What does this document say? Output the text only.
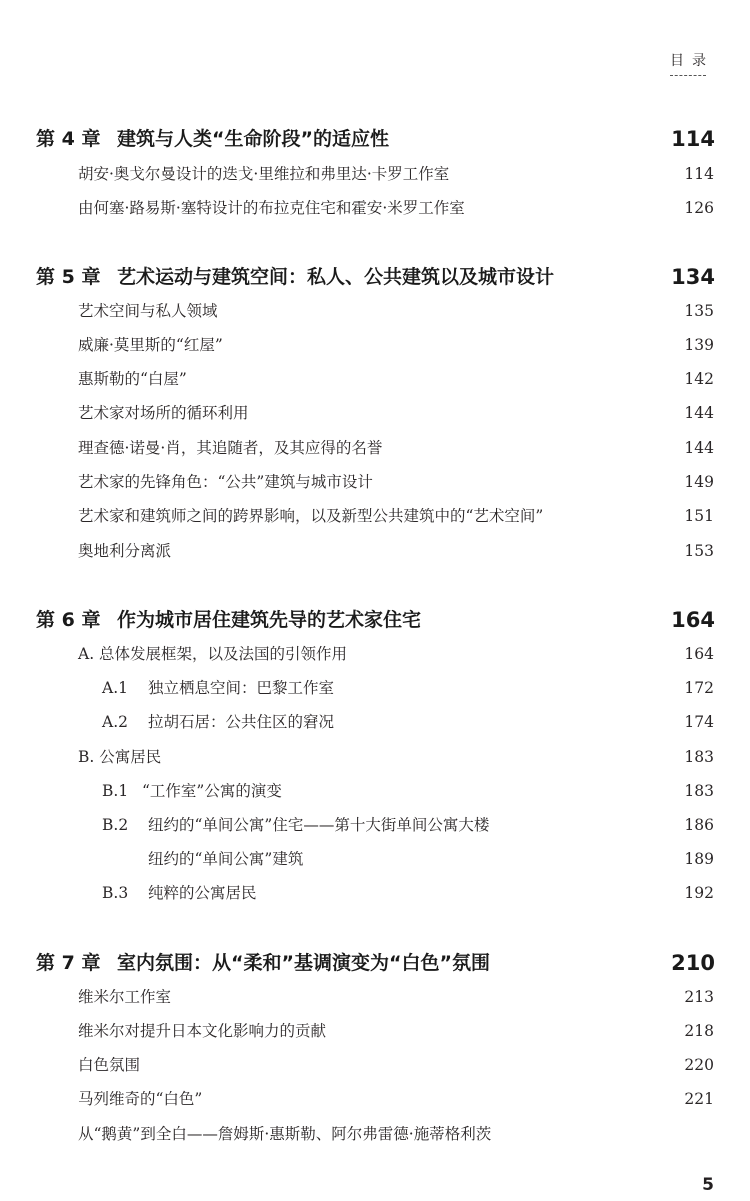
目录
第 4 章 建筑与人类“生命阶段”的适应性	114
胡安·奥戈尔曼设计的迭戈·里维拉和弗里达·卡罗工作室	114
由何塞·路易斯·塞特设计的布拉克住宅和霍安·米罗工作室	126
第 5 章 艺术运动与建筑空间：私人、公共建筑以及城市设计	134
艺术空间与私人领域	135
威廉·莫里斯的“红屋”	139
惠斯勒的“白屋”	142
艺术家对场所的循环利用	144
理查德·诺曼·肖，其追随者，及其应得的名誉	144
艺术家的先锋角色：“公共”建筑与城市设计	149
艺术家和建筑师之间的跨界影响，以及新型公共建筑中的“艺术空间”	151
奥地利分离派	153
第 6 章 作为城市居住建筑先导的艺术家住宅	164
A. 总体发展框架，以及法国的引领作用	164
A.1 独立栖息空间：巴黎工作室	172
A.2 拉胡石居：公共住区的窘况	174
B. 公寓居民	183
B.1 “工作室”公寓的演变	183
B.2 纽约的“单间公寓”住宅——第十大街单间公寓大楼	186
纽约的“单间公寓”建筑	189
B.3 纯粹的公寓居民	192
第 7 章 室内氛围：从“柔和”基调演变为“白色”氛围	210
维米尔工作室	213
维米尔对提升日本文化影响力的贡献	218
白色氛围	220
马列维奇的“白色”	221
从“鹅黄”到全白——詹姆斯·惠斯勒、阿尔弗雷德·施蒂格利茨
5
